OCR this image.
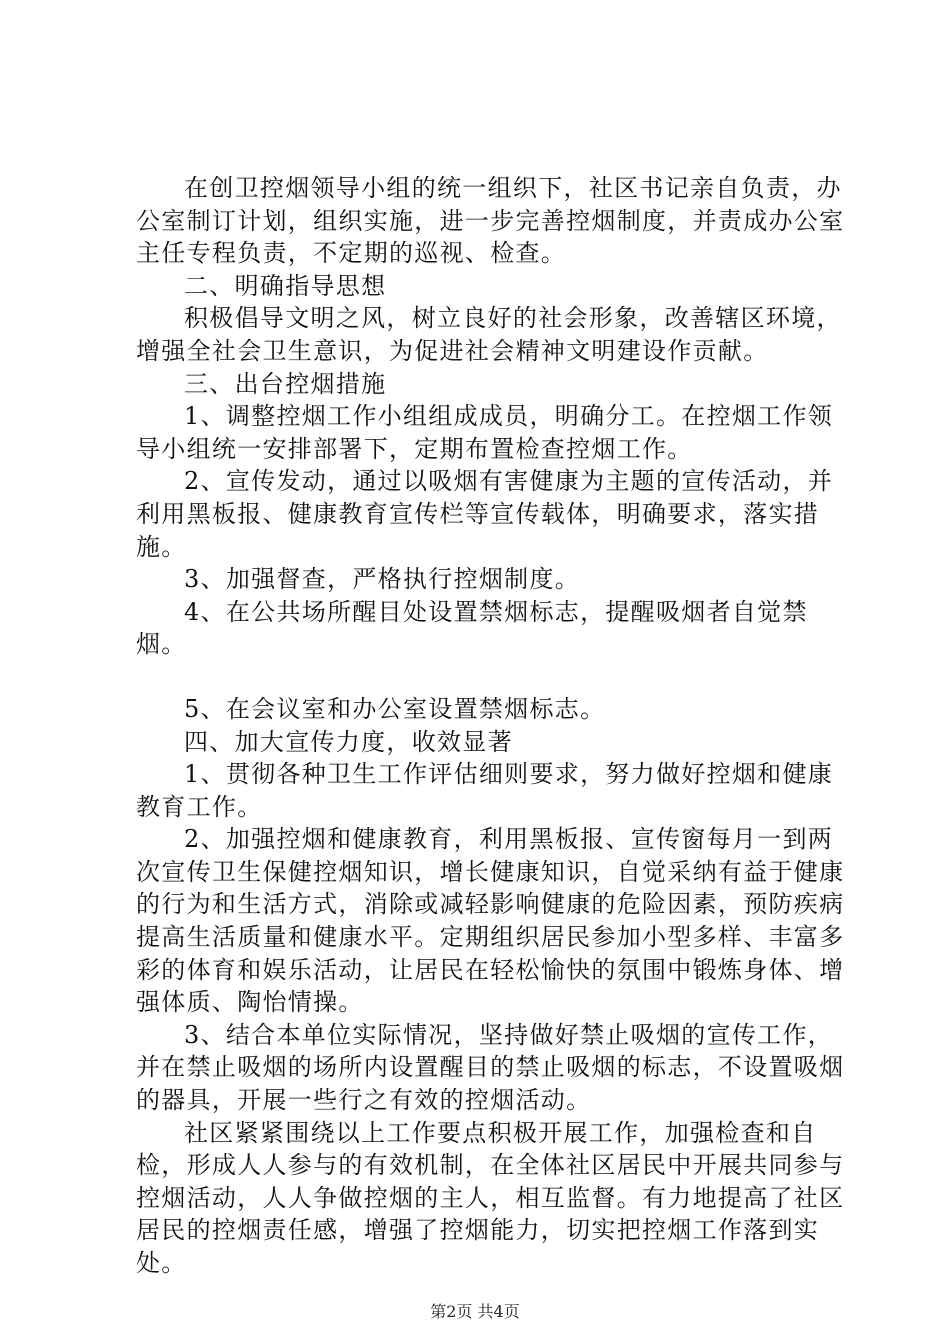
在创卫控烟领导小组的统一组织下，社区书记亲自负责，办公室制订计划，组织实施，进一步完善控烟制度，并责成办公室主任专程负责，不定期的巡视、检查。

二、明确指导思想

积极倡导文明之风，树立良好的社会形象，改善辖区环境，增强全社会卫生意识，为促进社会精神文明建设作贡献。

三、出台控烟措施

1、调整控烟工作小组组成成员，明确分工。在控烟工作领导小组统一安排部署下，定期布置检查控烟工作。

2、宣传发动，通过以吸烟有害健康为主题的宣传活动，并利用黑板报、健康教育宣传栏等宣传载体，明确要求，落实措施。

3、加强督查，严格执行控烟制度。

4、在公共场所醒目处设置禁烟标志，提醒吸烟者自觉禁烟。

5、在会议室和办公室设置禁烟标志。

四、加大宣传力度，收效显著

1、贯彻各种卫生工作评估细则要求，努力做好控烟和健康教育工作。

2、加强控烟和健康教育，利用黑板报、宣传窗每月一到两次宣传卫生保健控烟知识，增长健康知识，自觉采纳有益于健康的行为和生活方式，消除或减轻影响健康的危险因素，预防疾病提高生活质量和健康水平。定期组织居民参加小型多样、丰富多彩的体育和娱乐活动，让居民在轻松愉快的氛围中锻炼身体、增强体质、陶怡情操。

3、结合本单位实际情况，坚持做好禁止吸烟的宣传工作，并在禁止吸烟的场所内设置醒目的禁止吸烟的标志，不设置吸烟的器具，开展一些行之有效的控烟活动。

社区紧紧围绕以上工作要点积极开展工作，加强检查和自检，形成人人参与的有效机制，在全体社区居民中开展共同参与控烟活动，人人争做控烟的主人，相互监督。有力地提高了社区居民的控烟责任感，增强了控烟能力，切实把控烟工作落到实处。

第2页 共4页
